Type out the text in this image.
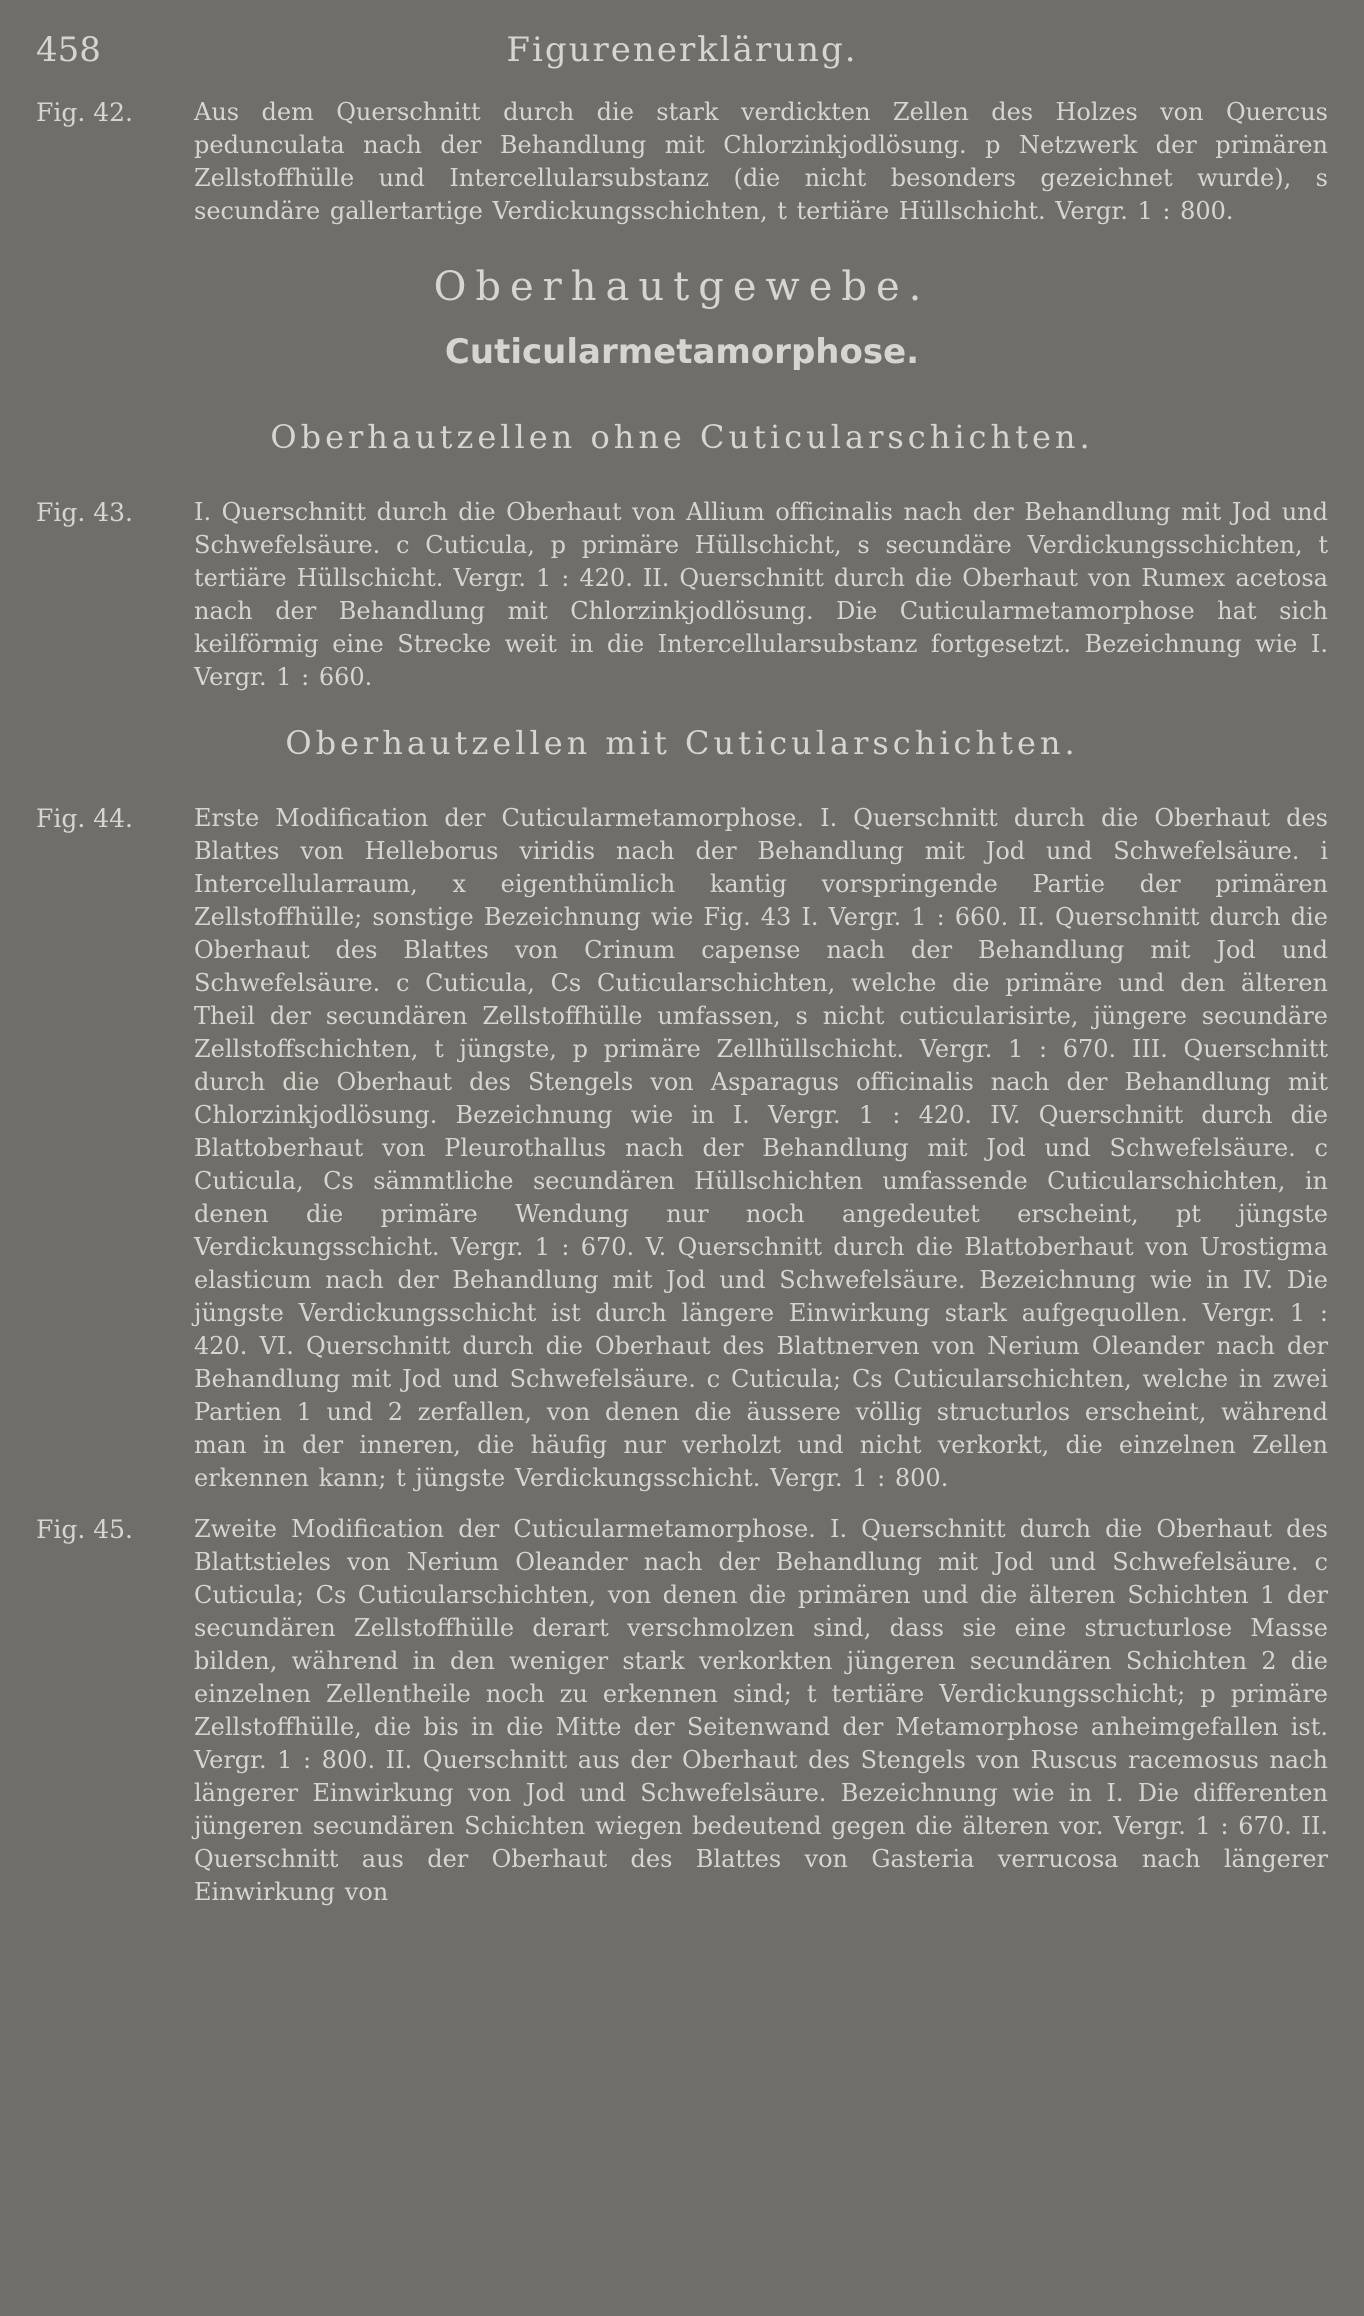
458	Figurenerklärung.
Fig. 42.	Aus dem Querschnitt durch die stark verdickten Zellen des Holzes von Quercus pedunculata nach der Behandlung mit Chlorzinkjodlösung. p Netzwerk der primären Zellstoffhülle und Intercellularsubstanz (die nicht besonders gezeichnet wurde), s secundäre gallertartige Verdickungsschichten, t tertiäre Hüllschicht. Vergr. 1 : 800.
Oberhautgewebe.
Cuticularmetamorphose.
Oberhautzellen ohne Cuticularschichten.
Fig. 43.	I. Querschnitt durch die Oberhaut von Allium officinalis nach der Behandlung mit Jod und Schwefelsäure. c Cuticula, p primäre Hüllschicht, s secundäre Verdickungsschichten, t tertiäre Hüllschicht. Vergr. 1 : 420. II. Querschnitt durch die Oberhaut von Rumex acetosa nach der Behandlung mit Chlorzinkjodlösung. Die Cuticularmetamorphose hat sich keilförmig eine Strecke weit in die Intercellularsubstanz fortgesetzt. Bezeichnung wie I. Vergr. 1 : 660.
Oberhautzellen mit Cuticularschichten.
Fig. 44.	Erste Modification der Cuticularmetamorphose. I. Querschnitt durch die Oberhaut des Blattes von Helleborus viridis nach der Behandlung mit Jod und Schwefelsäure. i Intercellularraum, x eigenthümlich kantig vorspringende Partie der primären Zellstoffhülle; sonstige Bezeichnung wie Fig. 43 I. Vergr. 1 : 660. II. Querschnitt durch die Oberhaut des Blattes von Crinum capense nach der Behandlung mit Jod und Schwefelsäure. c Cuticula, Cs Cuticularschichten, welche die primäre und den älteren Theil der secundären Zellstoffhülle umfassen, s nicht cuticularisirte, jüngere secundäre Zellstoffschichten, t jüngste, p primäre Zellhüllschicht. Vergr. 1 : 670. III. Querschnitt durch die Oberhaut des Stengels von Asparagus officinalis nach der Behandlung mit Chlorzinkjodlösung. Bezeichnung wie in I. Vergr. 1 : 420. IV. Querschnitt durch die Blattoberhaut von Pleurothallus nach der Behandlung mit Jod und Schwefelsäure. c Cuticula, Cs sämmtliche secundären Hüllschichten umfassende Cuticularschichten, in denen die primäre Wendung nur noch angedeutet erscheint, pt jüngste Verdickungsschicht. Vergr. 1 : 670. V. Querschnitt durch die Blattoberhaut von Urostigma elasticum nach der Behandlung mit Jod und Schwefelsäure. Bezeichnung wie in IV. Die jüngste Verdickungsschicht ist durch längere Einwirkung stark aufgequollen. Vergr. 1 : 420. VI. Querschnitt durch die Oberhaut des Blattnerven von Nerium Oleander nach der Behandlung mit Jod und Schwefelsäure. c Cuticula; Cs Cuticularschichten, welche in zwei Partien 1 und 2 zerfallen, von denen die äussere völlig structurlos erscheint, während man in der inneren, die häufig nur verholzt und nicht verkorkt, die einzelnen Zellen erkennen kann; t jüngste Verdickungsschicht. Vergr. 1 : 800.
Fig. 45.	Zweite Modification der Cuticularmetamorphose. I. Querschnitt durch die Oberhaut des Blattstieles von Nerium Oleander nach der Behandlung mit Jod und Schwefelsäure. c Cuticula; Cs Cuticularschichten, von denen die primären und die älteren Schichten 1 der secundären Zellstoffhülle derart verschmolzen sind, dass sie eine structurlose Masse bilden, während in den weniger stark verkorkten jüngeren secundären Schichten 2 die einzelnen Zellentheile noch zu erkennen sind; t tertiäre Verdickungsschicht; p primäre Zellstoffhülle, die bis in die Mitte der Seitenwand der Metamorphose anheimgefallen ist. Vergr. 1 : 800. II. Querschnitt aus der Oberhaut des Stengels von Ruscus racemosus nach längerer Einwirkung von Jod und Schwefelsäure. Bezeichnung wie in I. Die differenten jüngeren secundären Schichten wiegen bedeutend gegen die älteren vor. Vergr. 1 : 670. II. Querschnitt aus der Oberhaut des Blattes von Gasteria verrucosa nach längerer Einwirkung von
